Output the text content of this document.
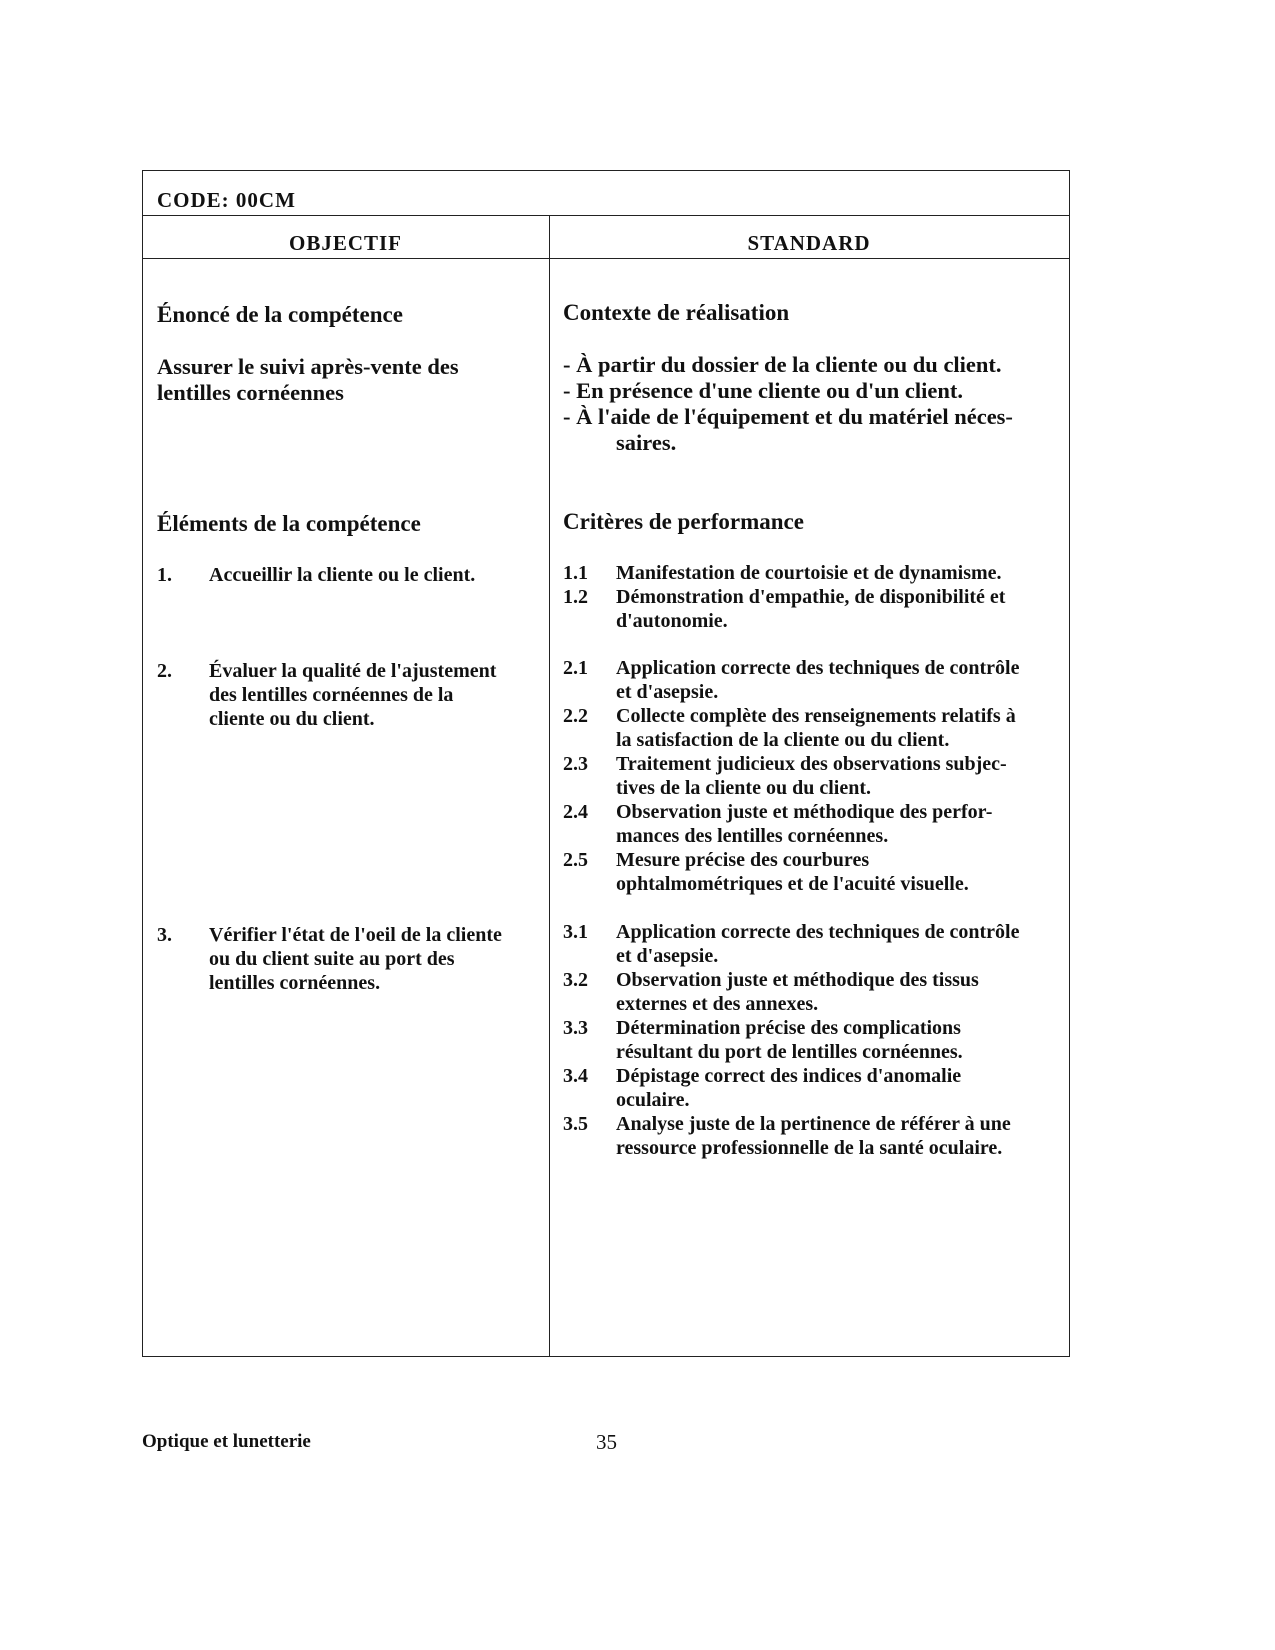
CODE: 00CM
OBJECTIF	STANDARD
Énoncé de la compétence
Assurer le suivi après-vente des
lentilles cornéennes
Éléments de la compétence
1. Accueillir la cliente ou le client.
2. Évaluer la qualité de l'ajustement
des lentilles cornéennes de la
cliente ou du client.
3. Vérifier l'état de l'oeil de la cliente
ou du client suite au port des
lentilles cornéennes.
Contexte de réalisation
- À partir du dossier de la cliente ou du client.
- En présence d'une cliente ou d'un client.
- À l'aide de l'équipement et du matériel néces-
saires.
Critères de performance
1.1 Manifestation de courtoisie et de dynamisme.
1.2 Démonstration d'empathie, de disponibilité et
d'autonomie.
2.1 Application correcte des techniques de contrôle
et d'asepsie.
2.2 Collecte complète des renseignements relatifs à
la satisfaction de la cliente ou du client.
2.3 Traitement judicieux des observations subjec-
tives de la cliente ou du client.
2.4 Observation juste et méthodique des perfor-
mances des lentilles cornéennes.
2.5 Mesure précise des courbures
ophtalmométriques et de l'acuité visuelle.
3.1 Application correcte des techniques de contrôle
et d'asepsie.
3.2 Observation juste et méthodique des tissus
externes et des annexes.
3.3 Détermination précise des complications
résultant du port de lentilles cornéennes.
3.4 Dépistage correct des indices d'anomalie
oculaire.
3.5 Analyse juste de la pertinence de référer à une
ressource professionnelle de la santé oculaire.
Optique et lunetterie	35
